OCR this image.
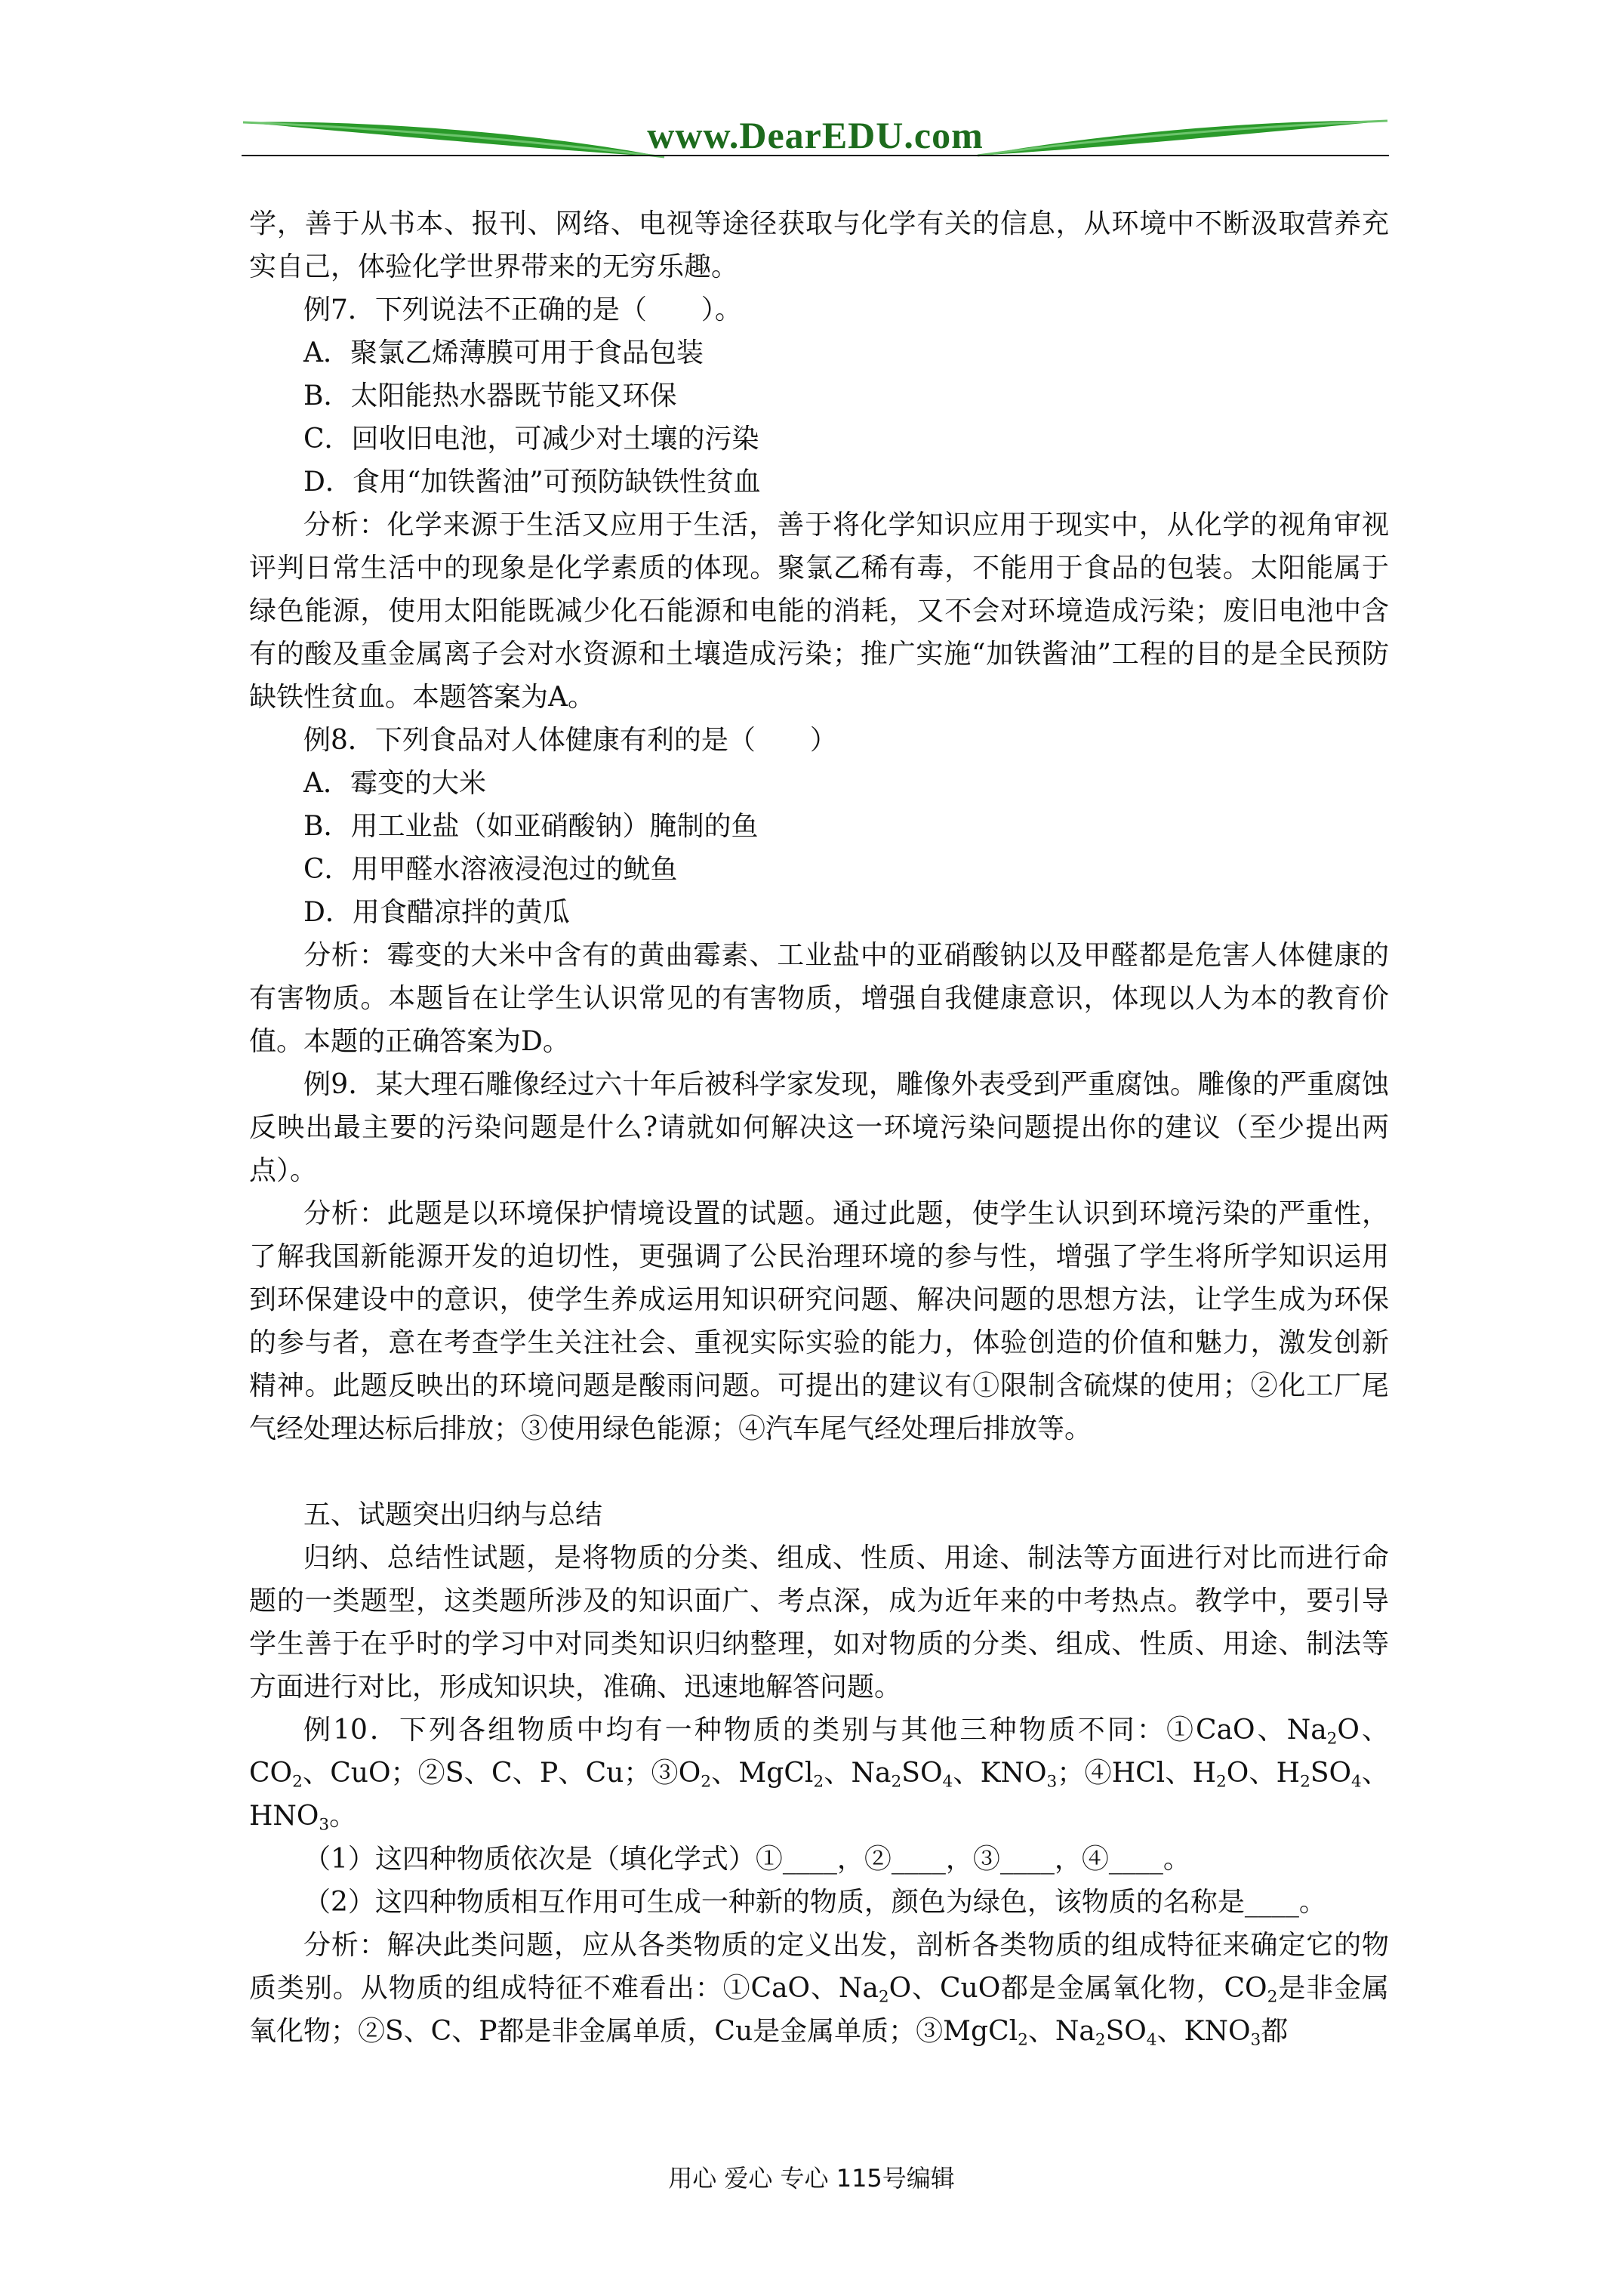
www.DearEDU.com

学，善于从书本、报刊、网络、电视等途径获取与化学有关的信息，从环境中不断汲取营养充实自己，体验化学世界带来的无穷乐趣。

例7．下列说法不正确的是（　　）。

A．聚氯乙烯薄膜可用于食品包装

B．太阳能热水器既节能又环保

C．回收旧电池，可减少对土壤的污染

D．食用“加铁酱油”可预防缺铁性贫血

分析：化学来源于生活又应用于生活，善于将化学知识应用于现实中，从化学的视角审视评判日常生活中的现象是化学素质的体现。聚氯乙稀有毒，不能用于食品的包装。太阳能属于绿色能源，使用太阳能既减少化石能源和电能的消耗，又不会对环境造成污染；废旧电池中含有的酸及重金属离子会对水资源和土壤造成污染；推广实施“加铁酱油”工程的目的是全民预防缺铁性贫血。本题答案为A。

例8．下列食品对人体健康有利的是（　　）

A．霉变的大米

B．用工业盐（如亚硝酸钠）腌制的鱼

C．用甲醛水溶液浸泡过的鱿鱼

D．用食醋凉拌的黄瓜

分析：霉变的大米中含有的黄曲霉素、工业盐中的亚硝酸钠以及甲醛都是危害人体健康的有害物质。本题旨在让学生认识常见的有害物质，增强自我健康意识，体现以人为本的教育价值。本题的正确答案为D。

例9．某大理石雕像经过六十年后被科学家发现，雕像外表受到严重腐蚀。雕像的严重腐蚀反映出最主要的污染问题是什么?请就如何解决这一环境污染问题提出你的建议（至少提出两点）。

分析：此题是以环境保护情境设置的试题。通过此题，使学生认识到环境污染的严重性，了解我国新能源开发的迫切性，更强调了公民治理环境的参与性，增强了学生将所学知识运用到环保建设中的意识，使学生养成运用知识研究问题、解决问题的思想方法，让学生成为环保的参与者，意在考查学生关注社会、重视实际实验的能力，体验创造的价值和魅力，激发创新精神。此题反映出的环境问题是酸雨问题。可提出的建议有①限制含硫煤的使用；②化工厂尾气经处理达标后排放；③使用绿色能源；④汽车尾气经处理后排放等。

五、试题突出归纳与总结

归纳、总结性试题，是将物质的分类、组成、性质、用途、制法等方面进行对比而进行命题的一类题型，这类题所涉及的知识面广、考点深，成为近年来的中考热点。教学中，要引导学生善于在乎时的学习中对同类知识归纳整理，如对物质的分类、组成、性质、用途、制法等方面进行对比，形成知识块，准确、迅速地解答问题。

例10．下列各组物质中均有一种物质的类别与其他三种物质不同：①CaO、$Na_2O$、$CO_2$、CuO；②S、C、P、Cu；$③O_2$、MgCl$_2$、$Na_2SO_4$、$KNO_3$；④HCl、$H_2O$、$H_2SO_4$、$HNO_3$。

（1）这四种物质依次是（填化学式）①____，②____，③____，④____。

（2）这四种物质相互作用可生成一种新的物质，颜色为绿色，该物质的名称是____。

分析：解决此类问题，应从各类物质的定义出发，剖析各类物质的组成特征来确定它的物质类别。从物质的组成特征不难看出：①CaO、$Na_2O$、CuO都是金属氧化物，$CO_2$是非金属氧化物；②S、C、P都是非金属单质，Cu是金属单质；③MgCl$_2$、$Na_2SO_4$、$KNO_3$都

用心 爱心 专心 115号编辑
